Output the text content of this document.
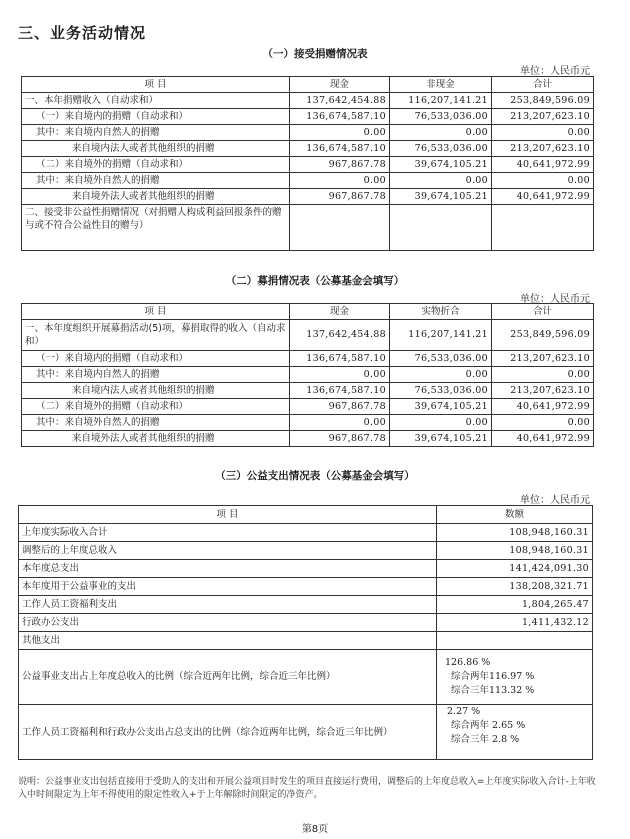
三、业务活动情况
（一）接受捐赠情况表
单位：人民币元
项 目	现金	非现金	合计
一、本年捐赠收入（自动求和）	137,642,454.88	116,207,141.21	253,849,596.09
（一）来自境内的捐赠（自动求和）	136,674,587.10	76,533,036.00	213,207,623.10
其中：来自境内自然人的捐赠	0.00	0.00	0.00
来自境内法人或者其他组织的捐赠	136,674,587.10	76,533,036.00	213,207,623.10
（二）来自境外的捐赠（自动求和）	967,867.78	39,674,105.21	40,641,972.99
其中：来自境外自然人的捐赠	0.00	0.00	0.00
来自境外法人或者其他组织的捐赠	967,867.78	39,674,105.21	40,641,972.99
二、接受非公益性捐赠情况（对捐赠人构成利益回报条件的赠与或不符合公益性目的赠与）			
（二）募捐情况表（公募基金会填写）
单位：人民币元
项 目	现金	实物折合	合计
一、本年度组织开展募捐活动(5)项，募捐取得的收入（自动求和）	137,642,454.88	116,207,141.21	253,849,596.09
（一）来自境内的捐赠（自动求和）	136,674,587.10	76,533,036.00	213,207,623.10
其中：来自境内自然人的捐赠	0.00	0.00	0.00
来自境内法人或者其他组织的捐赠	136,674,587.10	76,533,036.00	213,207,623.10
（二）来自境外的捐赠（自动求和）	967,867.78	39,674,105.21	40,641,972.99
其中：来自境外自然人的捐赠	0.00	0.00	0.00
来自境外法人或者其他组织的捐赠	967,867.78	39,674,105.21	40,641,972.99
（三）公益支出情况表（公募基金会填写）
单位：人民币元
项 目	数额
上年度实际收入合计	108,948,160.31
调整后的上年度总收入	108,948,160.31
本年度总支出	141,424,091.30
本年度用于公益事业的支出	138,208,321.71
工作人员工资福利支出	1,804,265.47
行政办公支出	1,411,432.12
其他支出	
公益事业支出占上年度总收入的比例（综合近两年比例，综合近三年比例）	126.86 %
综合两年116.97 %
综合三年113.32 %

工作人员工资福利和行政办公支出占总支出的比例（综合近两年比例，综合近三年比例）	2.27 %
综合两年 2.65 %
综合三年 2.8 %
说明：公益事业支出包括直接用于受助人的支出和开展公益项目时发生的项目直接运行费用，调整后的上年度总收入=上年度实际收入合计-上年收入中时间限定为上年不得使用的限定性收入+于上年解除时间限定的净资产。
第8页
